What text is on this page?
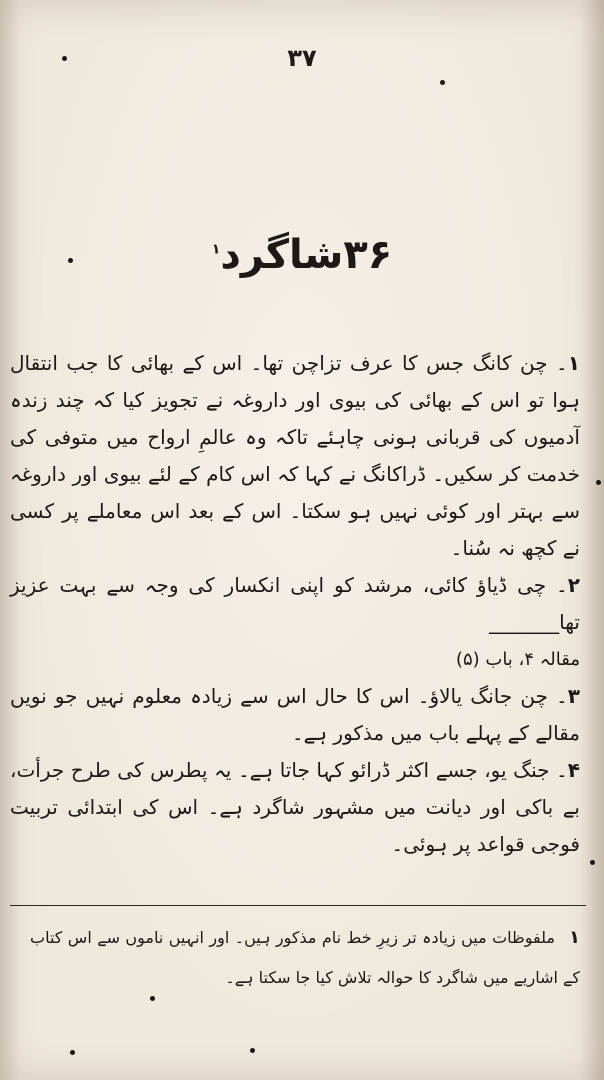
۳۷
۳۶شاگرد$^۱$

۱۔ چن کانگ جس کا عرف تزاچن تھا۔ اس کے بھائی کا جب انتقال ہوا تو اس کے بھائی کی بیوی اور داروغہ نے تجویز کیا کہ چند زندہ آدمیوں کی قربانی ہونی چاہئے تاکہ وہ عالمِ ارواح میں متوفی کی خدمت کر سکیں۔ ڈراکانگ نے کہا کہ اس کام کے لئے بیوی اور داروغہ سے بہتر اور کوئی نہیں ہو سکتا۔ اس کے بعد اس معاملے پر کسی نے کچھ نہ سُنا۔

۲۔ چی ڈیاؤ کائی، مرشد کو اپنی انکسار کی وجہ سے بہت عزیز تھا_______

مقالہ ۴، باب (۵)

۳۔ چن جانگ یالاؤ۔ اس کا حال اس سے زیادہ معلوم نہیں جو نویں مقالے کے پہلے باب میں مذکور ہے۔

۴۔ جنگ یو، جسے اکثر ڈرائو کہا جاتا ہے۔ یہ پطرس کی طرح جرأت، بے باکی اور دیانت میں مشہور شاگرد ہے۔ اس کی ابتدائی تربیت فوجی قواعد پر ہوئی۔

۱ملفوظات میں زیادہ تر زیرِ خط نام مذکور ہیں۔ اور انہیں ناموں سے اس کتاب کے اشاریے میں شاگرد کا حوالہ تلاش کیا جا سکتا ہے۔
